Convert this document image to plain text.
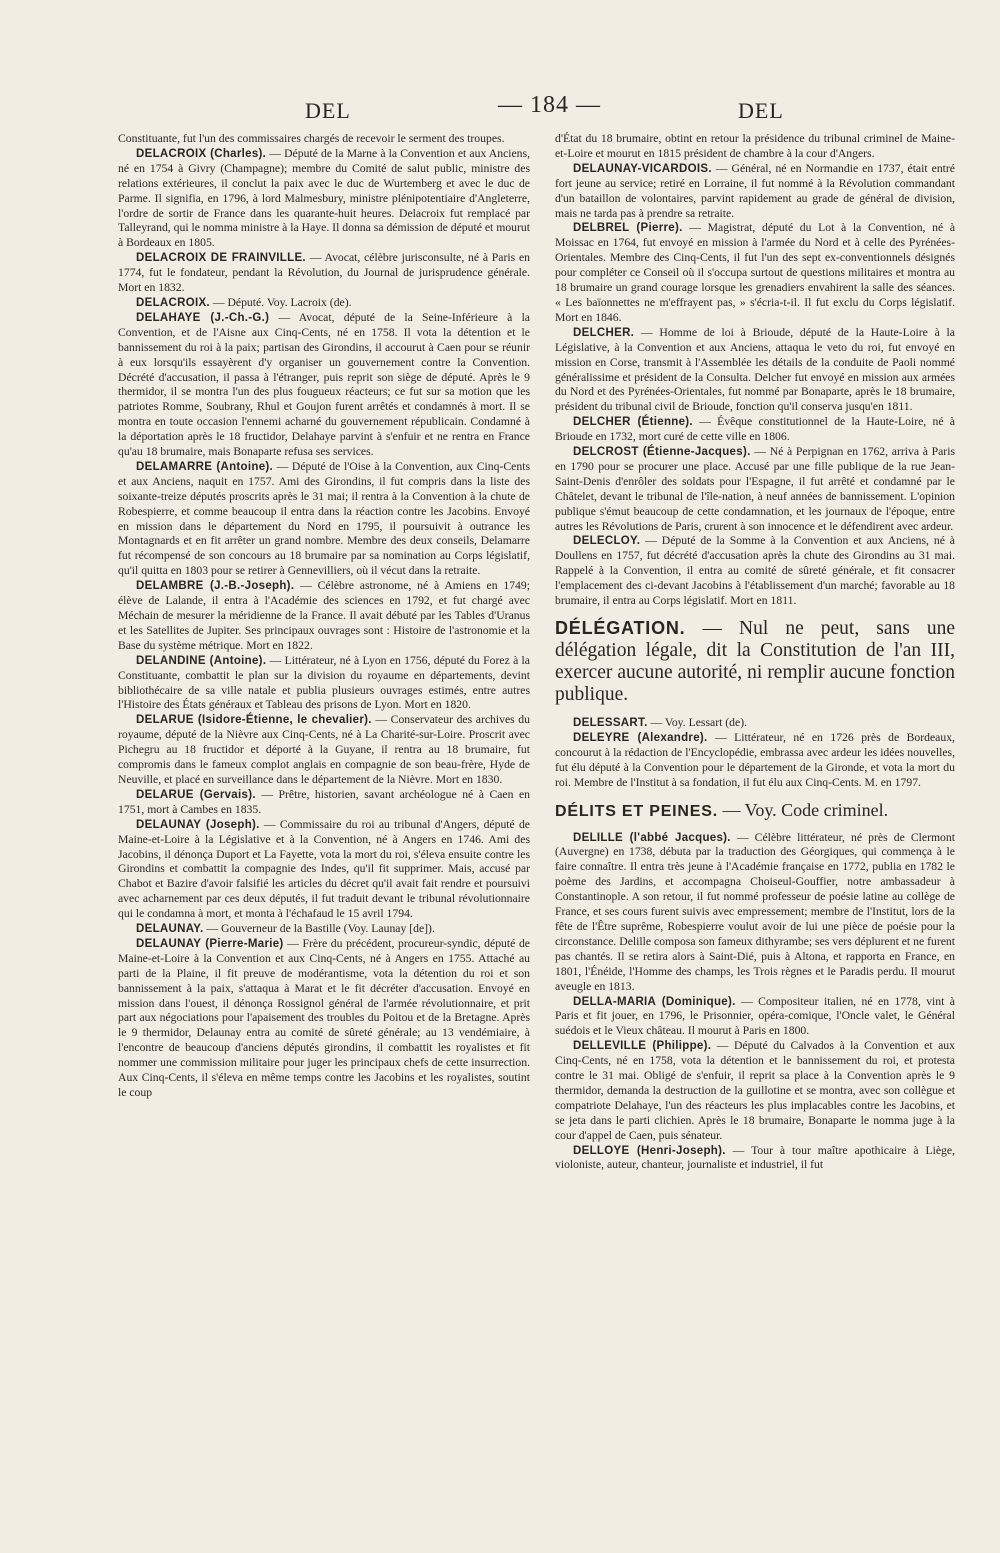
DEL	— 184 —	DEL

Constituante, fut l'un des commissaires chargés de recevoir le serment des troupes.

DELACROIX (Charles). — Député de la Marne à la Convention et aux Anciens, né en 1754 à Givry (Champagne); membre du Comité de salut public, ministre des relations extérieures, il conclut la paix avec le duc de Wurtemberg et avec le duc de Parme. Il signifia, en 1796, à lord Malmesbury, ministre plénipotentiaire d'Angleterre, l'ordre de sortir de France dans les quarante-huit heures. Delacroix fut remplacé par Talleyrand, qui le nomma ministre à la Haye. Il donna sa démission de député et mourut à Bordeaux en 1805.

DELACROIX DE FRAINVILLE. — Avocat, célèbre jurisconsulte, né à Paris en 1774, fut le fondateur, pendant la Révolution, du Journal de jurisprudence générale. Mort en 1832.

DELACROIX. — Député. Voy. Lacroix (de).

DELAHAYE (J.-Ch.-G.) — Avocat, député de la Seine-Inférieure à la Convention, et de l'Aisne aux Cinq-Cents, né en 1758. Il vota la détention et le bannissement du roi à la paix; partisan des Girondins, il accourut à Caen pour se réunir à eux lorsqu'ils essayèrent d'y organiser un gouvernement contre la Convention. Décrété d'accusation, il passa à l'étranger, puis reprit son siège de député. Après le 9 thermidor, il se montra l'un des plus fougueux réacteurs; ce fut sur sa motion que les patriotes Romme, Soubrany, Rhul et Goujon furent arrêtés et condamnés à mort. Il se montra en toute occasion l'ennemi acharné du gouvernement républicain. Condamné à la déportation après le 18 fructidor, Delahaye parvint à s'enfuir et ne rentra en France qu'au 18 brumaire, mais Bonaparte refusa ses services.

DELAMARRE (Antoine). — Député de l'Oise à la Convention, aux Cinq-Cents et aux Anciens, naquit en 1757. Ami des Girondins, il fut compris dans la liste des soixante-treize députés proscrits après le 31 mai; il rentra à la Convention à la chute de Robespierre, et comme beaucoup il entra dans la réaction contre les Jacobins. Envoyé en mission dans le département du Nord en 1795, il poursuivit à outrance les Montagnards et en fit arrêter un grand nombre. Membre des deux conseils, Delamarre fut récompensé de son concours au 18 brumaire par sa nomination au Corps législatif, qu'il quitta en 1803 pour se retirer à Gennevilliers, où il vécut dans la retraite.

DELAMBRE (J.-B.-Joseph). — Célèbre astronome, né à Amiens en 1749; élève de Lalande, il entra à l'Académie des sciences en 1792, et fut chargé avec Méchain de mesurer la méridienne de la France. Il avait débuté par les Tables d'Uranus et les Satellites de Jupiter. Ses principaux ouvrages sont : Histoire de l'astronomie et la Base du système métrique. Mort en 1822.

DELANDINE (Antoine). — Littérateur, né à Lyon en 1756, député du Forez à la Constituante, combattit le plan sur la division du royaume en départements, devint bibliothécaire de sa ville natale et publia plusieurs ouvrages estimés, entre autres l'Histoire des États généraux et Tableau des prisons de Lyon. Mort en 1820.

DELARUE (Isidore-Étienne, le chevalier). — Conservateur des archives du royaume, député de la Nièvre aux Cinq-Cents, né à La Charité-sur-Loire. Proscrit avec Pichegru au 18 fructidor et déporté à la Guyane, il rentra au 18 brumaire, fut compromis dans le fameux complot anglais en compagnie de son beau-frère, Hyde de Neuville, et placé en surveillance dans le département de la Nièvre. Mort en 1830.

DELARUE (Gervais). — Prêtre, historien, savant archéologue né à Caen en 1751, mort à Cambes en 1835.

DELAUNAY (Joseph). — Commissaire du roi au tribunal d'Angers, député de Maine-et-Loire à la Législative et à la Convention, né à Angers en 1746. Ami des Jacobins, il dénonça Duport et La Fayette, vota la mort du roi, s'éleva ensuite contre les Girondins et combattit la compagnie des Indes, qu'il fit supprimer. Mais, accusé par Chabot et Bazire d'avoir falsifié les articles du décret qu'il avait fait rendre et poursuivi avec acharnement par ces deux députés, il fut traduit devant le tribunal révolutionnaire qui le condamna à mort, et monta à l'échafaud le 15 avril 1794.

DELAUNAY. — Gouverneur de la Bastille (Voy. Launay [de]).

DELAUNAY (Pierre-Marie) — Frère du précédent, procureur-syndic, député de Maine-et-Loire à la Convention et aux Cinq-Cents, né à Angers en 1755. Attaché au parti de la Plaine, il fit preuve de modérantisme, vota la détention du roi et son bannissement à la paix, s'attaqua à Marat et le fit décréter d'accusation. Envoyé en mission dans l'ouest, il dénonça Rossignol général de l'armée révolutionnaire, et prit part aux négociations pour l'apaisement des troubles du Poitou et de la Bretagne. Après le 9 thermidor, Delaunay entra au comité de sûreté générale; au 13 vendémiaire, à l'encontre de beaucoup d'anciens députés girondins, il combattit les royalistes et fit nommer une commission militaire pour juger les principaux chefs de cette insurrection. Aux Cinq-Cents, il s'éleva en même temps contre les Jacobins et les royalistes, soutint le coup

d'État du 18 brumaire, obtint en retour la présidence du tribunal criminel de Maine-et-Loire et mourut en 1815 président de chambre à la cour d'Angers.

DELAUNAY-VICARDOIS. — Général, né en Normandie en 1737, était entré fort jeune au service; retiré en Lorraine, il fut nommé à la Révolution commandant d'un bataillon de volontaires, parvint rapidement au grade de général de division, mais ne tarda pas à prendre sa retraite.

DELBREL (Pierre). — Magistrat, député du Lot à la Convention, né à Moissac en 1764, fut envoyé en mission à l'armée du Nord et à celle des Pyrénées-Orientales. Membre des Cinq-Cents, il fut l'un des sept ex-conventionnels désignés pour compléter ce Conseil où il s'occupa surtout de questions militaires et montra au 18 brumaire un grand courage lorsque les grenadiers envahirent la salle des séances. « Les baïonnettes ne m'effrayent pas, » s'écria-t-il. Il fut exclu du Corps législatif. Mort en 1846.

DELCHER. — Homme de loi à Brioude, député de la Haute-Loire à la Législative, à la Convention et aux Anciens, attaqua le veto du roi, fut envoyé en mission en Corse, transmit à l'Assemblée les détails de la conduite de Paoli nommé généralissime et président de la Consulta. Delcher fut envoyé en mission aux armées du Nord et des Pyrénées-Orientales, fut nommé par Bonaparte, après le 18 brumaire, président du tribunal civil de Brioude, fonction qu'il conserva jusqu'en 1811.

DELCHER (Étienne). — Évêque constitutionnel de la Haute-Loire, né à Brioude en 1732, mort curé de cette ville en 1806.

DELCROST (Étienne-Jacques). — Né à Perpignan en 1762, arriva à Paris en 1790 pour se procurer une place. Accusé par une fille publique de la rue Jean-Saint-Denis d'enrôler des soldats pour l'Espagne, il fut arrêté et condamné par le Châtelet, devant le tribunal de l'île-nation, à neuf années de bannissement. L'opinion publique s'émut beaucoup de cette condamnation, et les journaux de l'époque, entre autres les Révolutions de Paris, crurent à son innocence et le défendirent avec ardeur.

DELECLOY. — Député de la Somme à la Convention et aux Anciens, né à Doullens en 1757, fut décrété d'accusation après la chute des Girondins au 31 mai. Rappelé à la Convention, il entra au comité de sûreté générale, et fit consacrer l'emplacement des ci-devant Jacobins à l'établissement d'un marché; favorable au 18 brumaire, il entra au Corps législatif. Mort en 1811.

DÉLÉGATION. — Nul ne peut, sans une délégation légale, dit la Constitution de l'an III, exercer aucune autorité, ni remplir aucune fonction publique.

DELESSART. — Voy. Lessart (de).

DELEYRE (Alexandre). — Littérateur, né en 1726 près de Bordeaux, concourut à la rédaction de l'Encyclopédie, embrassa avec ardeur les idées nouvelles, fut élu député à la Convention pour le département de la Gironde, et vota la mort du roi. Membre de l'Institut à sa fondation, il fut élu aux Cinq-Cents. M. en 1797.

DÉLITS ET PEINES. — Voy. Code criminel.

DELILLE (l'abbé Jacques). — Célèbre littérateur, né près de Clermont (Auvergne) en 1738, débuta par la traduction des Géorgiques, qui commença à le faire connaître. Il entra très jeune à l'Académie française en 1772, publia en 1782 le poème des Jardins, et accompagna Choiseul-Gouffier, notre ambassadeur à Constantinople. A son retour, il fut nommé professeur de poésie latine au collège de France, et ses cours furent suivis avec empressement; membre de l'Institut, lors de la fête de l'Être suprême, Robespierre voulut avoir de lui une pièce de poésie pour la circonstance. Delille composa son fameux dithyrambe; ses vers déplurent et ne furent pas chantés. Il se retira alors à Saint-Dié, puis à Altona, et rapporta en France, en 1801, l'Énéide, l'Homme des champs, les Trois règnes et le Paradis perdu. Il mourut aveugle en 1813.

DELLA-MARIA (Dominique). — Compositeur italien, né en 1778, vint à Paris et fit jouer, en 1796, le Prisonnier, opéra-comique, l'Oncle valet, le Général suédois et le Vieux château. Il mourut à Paris en 1800.

DELLEVILLE (Philippe). — Député du Calvados à la Convention et aux Cinq-Cents, né en 1758, vota la détention et le bannissement du roi, et protesta contre le 31 mai. Obligé de s'enfuir, il reprit sa place à la Convention après le 9 thermidor, demanda la destruction de la guillotine et se montra, avec son collègue et compatriote Delahaye, l'un des réacteurs les plus implacables contre les Jacobins, et se jeta dans le parti clichien. Après le 18 brumaire, Bonaparte le nomma juge à la cour d'appel de Caen, puis sénateur.

DELLOYE (Henri-Joseph). — Tour à tour maître apothicaire à Liège, violoniste, auteur, chanteur, journaliste et industriel, il fut
